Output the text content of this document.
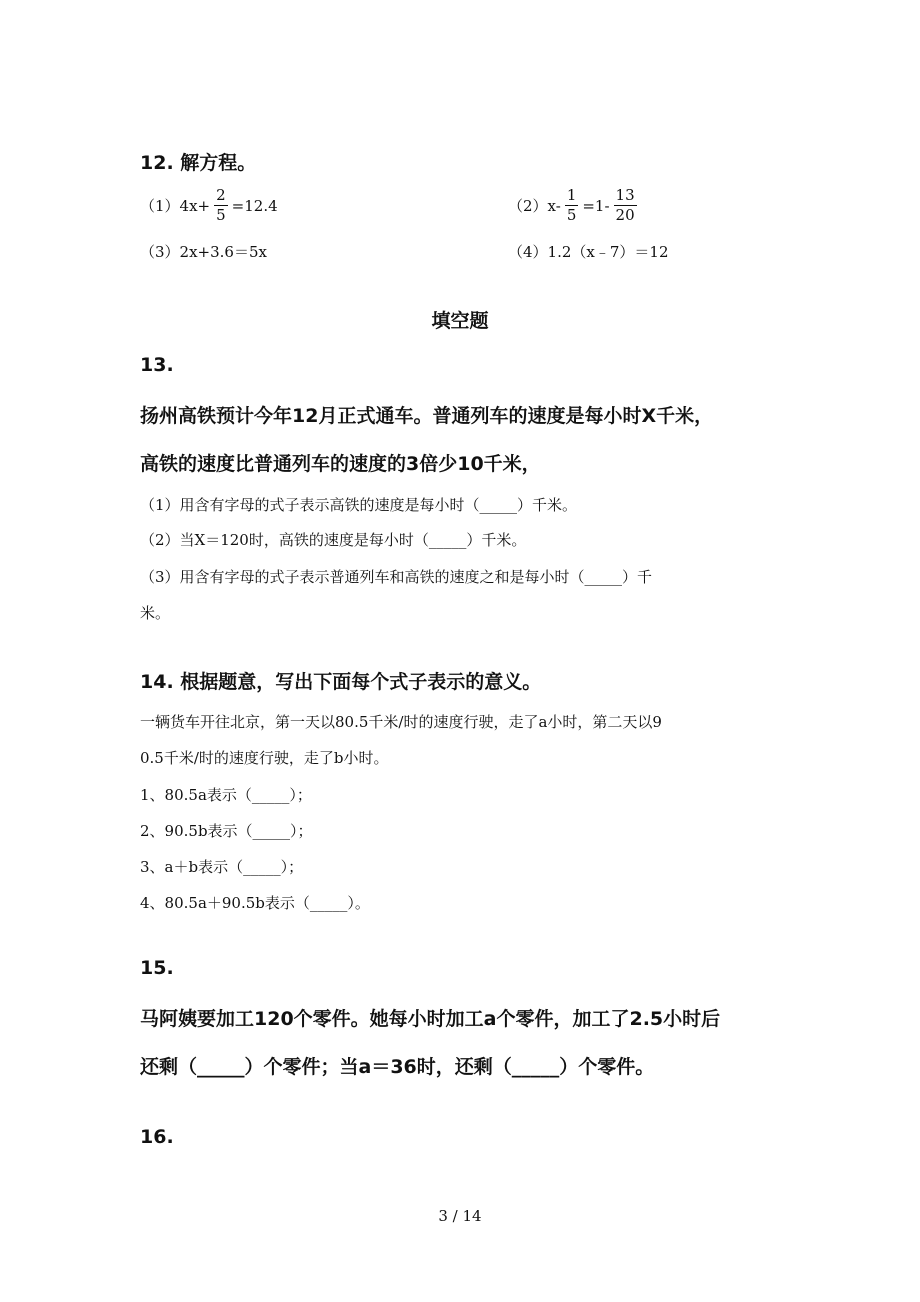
12. 解方程。
$(1)4x+ \frac{2}{5} =12.4$	$(2)x- \frac{1}{5} =1- \frac{13}{20}$
（3）2x+3.6＝5x	（4）1.2（x﹣7）＝12
填空题
13.
扬州高铁预计今年12月正式通车。普通列车的速度是每小时X千米，
高铁的速度比普通列车的速度的3倍少10千米，
（1）用含有字母的式子表示高铁的速度是每小时（_____）千米。
（2）当X＝120时，高铁的速度是每小时（_____）千米。
（3）用含有字母的式子表示普通列车和高铁的速度之和是每小时（_____）千
米。
14. 根据题意，写出下面每个式子表示的意义。
一辆货车开往北京，第一天以80.5千米/时的速度行驶，走了a小时，第二天以9
0.5千米/时的速度行驶，走了b小时。
1、80.5a表示（_____）；
2、90.5b表示（_____）；
3、a＋b表示（_____）；
4、80.5a＋90.5b表示（_____）。
15.
马阿姨要加工120个零件。她每小时加工a个零件，加工了2.5小时后
还剩（_____）个零件；当a＝36时，还剩（_____）个零件。
16.
3 / 14
